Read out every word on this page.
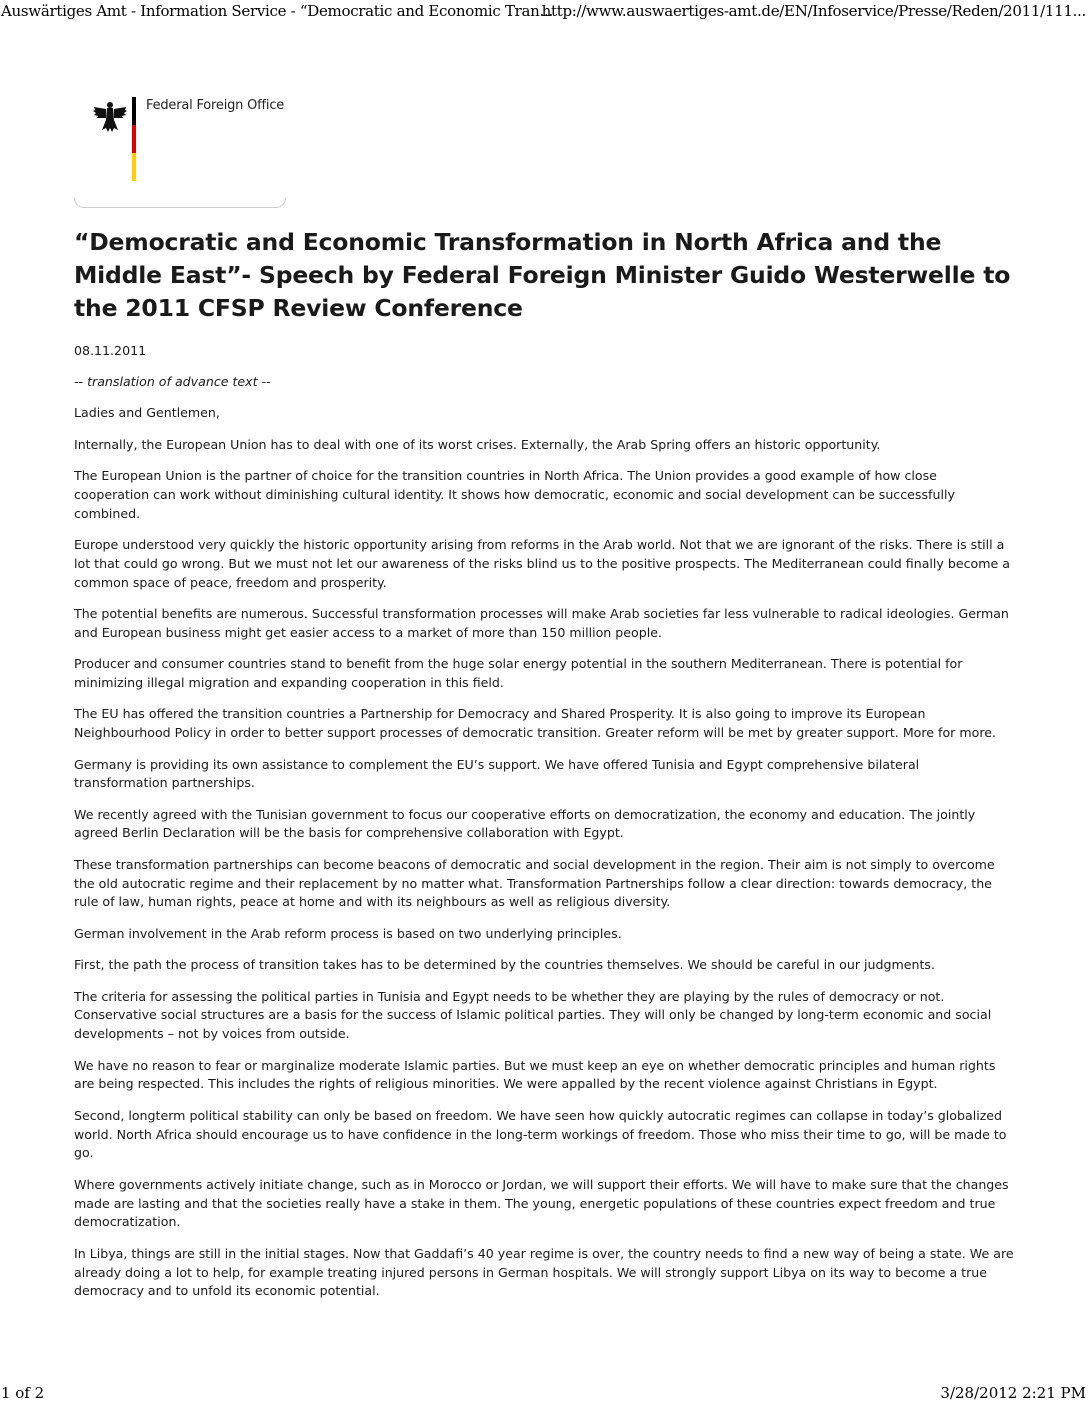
Auswärtiges Amt - Information Service - “Democratic and Economic Tran...
http://www.auswaertiges-amt.de/EN/Infoservice/Presse/Reden/2011/111...
Federal Foreign Office
“Democratic and Economic Transformation in North Africa and the Middle East”- Speech by Federal Foreign Minister Guido Westerwelle to the 2011 CFSP Review Conference

08.11.2011

-- translation of advance text --

Ladies and Gentlemen,

Internally, the European Union has to deal with one of its worst crises. Externally, the Arab Spring offers an historic opportunity.

The European Union is the partner of choice for the transition countries in North Africa. The Union provides a good example of how close cooperation can work without diminishing cultural identity. It shows how democratic, economic and social development can be successfully combined.

Europe understood very quickly the historic opportunity arising from reforms in the Arab world. Not that we are ignorant of the risks. There is still a lot that could go wrong. But we must not let our awareness of the risks blind us to the positive prospects. The Mediterranean could finally become a common space of peace, freedom and prosperity.

The potential benefits are numerous. Successful transformation processes will make Arab societies far less vulnerable to radical ideologies. German and European business might get easier access to a market of more than 150 million people.

Producer and consumer countries stand to benefit from the huge solar energy potential in the southern Mediterranean. There is potential for minimizing illegal migration and expanding cooperation in this field.

The EU has offered the transition countries a Partnership for Democracy and Shared Prosperity. It is also going to improve its European Neighbourhood Policy in order to better support processes of democratic transition. Greater reform will be met by greater support. More for more.

Germany is providing its own assistance to complement the EU’s support. We have offered Tunisia and Egypt comprehensive bilateral transformation partnerships.

We recently agreed with the Tunisian government to focus our cooperative efforts on democratization, the economy and education. The jointly agreed Berlin Declaration will be the basis for comprehensive collaboration with Egypt.

These transformation partnerships can become beacons of democratic and social development in the region. Their aim is not simply to overcome the old autocratic regime and their replacement by no matter what. Transformation Partnerships follow a clear direction: towards democracy, the rule of law, human rights, peace at home and with its neighbours as well as religious diversity.

German involvement in the Arab reform process is based on two underlying principles.

First, the path the process of transition takes has to be determined by the countries themselves. We should be careful in our judgments.

The criteria for assessing the political parties in Tunisia and Egypt needs to be whether they are playing by the rules of democracy or not. Conservative social structures are a basis for the success of Islamic political parties. They will only be changed by long-term economic and social developments – not by voices from outside.

We have no reason to fear or marginalize moderate Islamic parties. But we must keep an eye on whether democratic principles and human rights are being respected. This includes the rights of religious minorities. We were appalled by the recent violence against Christians in Egypt.

Second, longterm political stability can only be based on freedom. We have seen how quickly autocratic regimes can collapse in today’s globalized world. North Africa should encourage us to have confidence in the long-term workings of freedom. Those who miss their time to go, will be made to go.

Where governments actively initiate change, such as in Morocco or Jordan, we will support their efforts. We will have to make sure that the changes made are lasting and that the societies really have a stake in them. The young, energetic populations of these countries expect freedom and true democratization.

In Libya, things are still in the initial stages. Now that Gaddafi’s 40 year regime is over, the country needs to find a new way of being a state. We are already doing a lot to help, for example treating injured persons in German hospitals. We will strongly support Libya on its way to become a true democracy and to unfold its economic potential.

1 of 2	3/28/2012 2:21 PM
